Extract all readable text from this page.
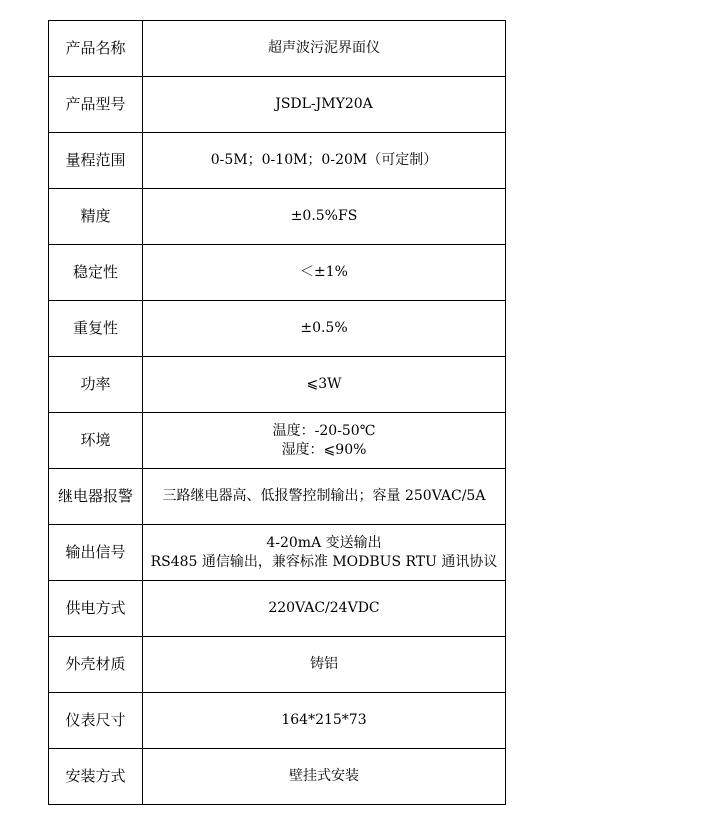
产品名称	超声波污泥界面仪

产品型号	JSDL-JMY20A

量程范围	0-5M；0-10M；0-20M（可定制）

精度	±0.5%FS

稳定性	＜±1%

重复性	±0.5%

功率	⩽3W

环境	温度：-20-50℃
湿度：⩽90%

继电器报警	三路继电器高、低报警控制输出；容量 250VAC/5A

输出信号	4-20mA 变送输出
RS485 通信输出，兼容标准 MODBUS RTU 通讯协议

供电方式	220VAC/24VDC

外壳材质	铸铝

仪表尺寸	164*215*73

安装方式	壁挂式安装
